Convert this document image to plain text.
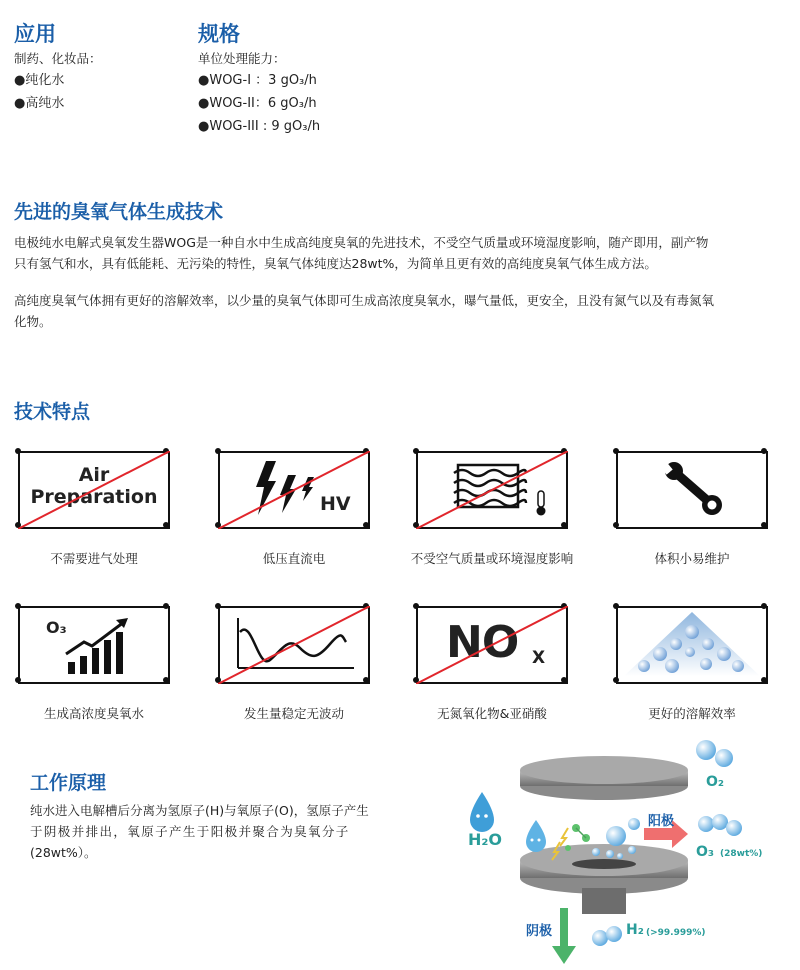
应用
制药、化妆品：
●纯化水
●高纯水
规格
单位处理能力：
●WOG-I ：3 gO₃/h
●WOG-II：6 gO₃/h
●WOG-III : 9 gO₃/h
先进的臭氧气体生成技术
电极纯水电解式臭氧发生器WOG是一种自水中生成高纯度臭氧的先进技术，不受空气质量或环境湿度影响，随产即用，副产物
只有氢气和水，具有低能耗、无污染的特性，臭氧气体纯度达28wt%，为简单且更有效的高纯度臭氧气体生成方法。
高纯度臭氧气体拥有更好的溶解效率，以少量的臭氧气体即可生成高浓度臭氧水，曝气量低，更安全，且没有氮气以及有毒氮氧
化物。
技术特点
Air
Preparation
不需要进气处理
HV
低压直流电	不受空气质量或环境湿度影响	体积小易维护
O₃
生成高浓度臭氧水	发生量稳定无波动
NO X
无氮氧化物&亚硝酸	更好的溶解效率
工作原理
纯水进入电解槽后分离为氢原子(H)与氧原子(O)，氢原子产生
于阴极并排出，氧原子产生于阳极并聚合为臭氧分子
(28wt%）。
H₂O
阳极
阴极
O₂
O₃ (28wt%)
H₂ (>99.999%)
